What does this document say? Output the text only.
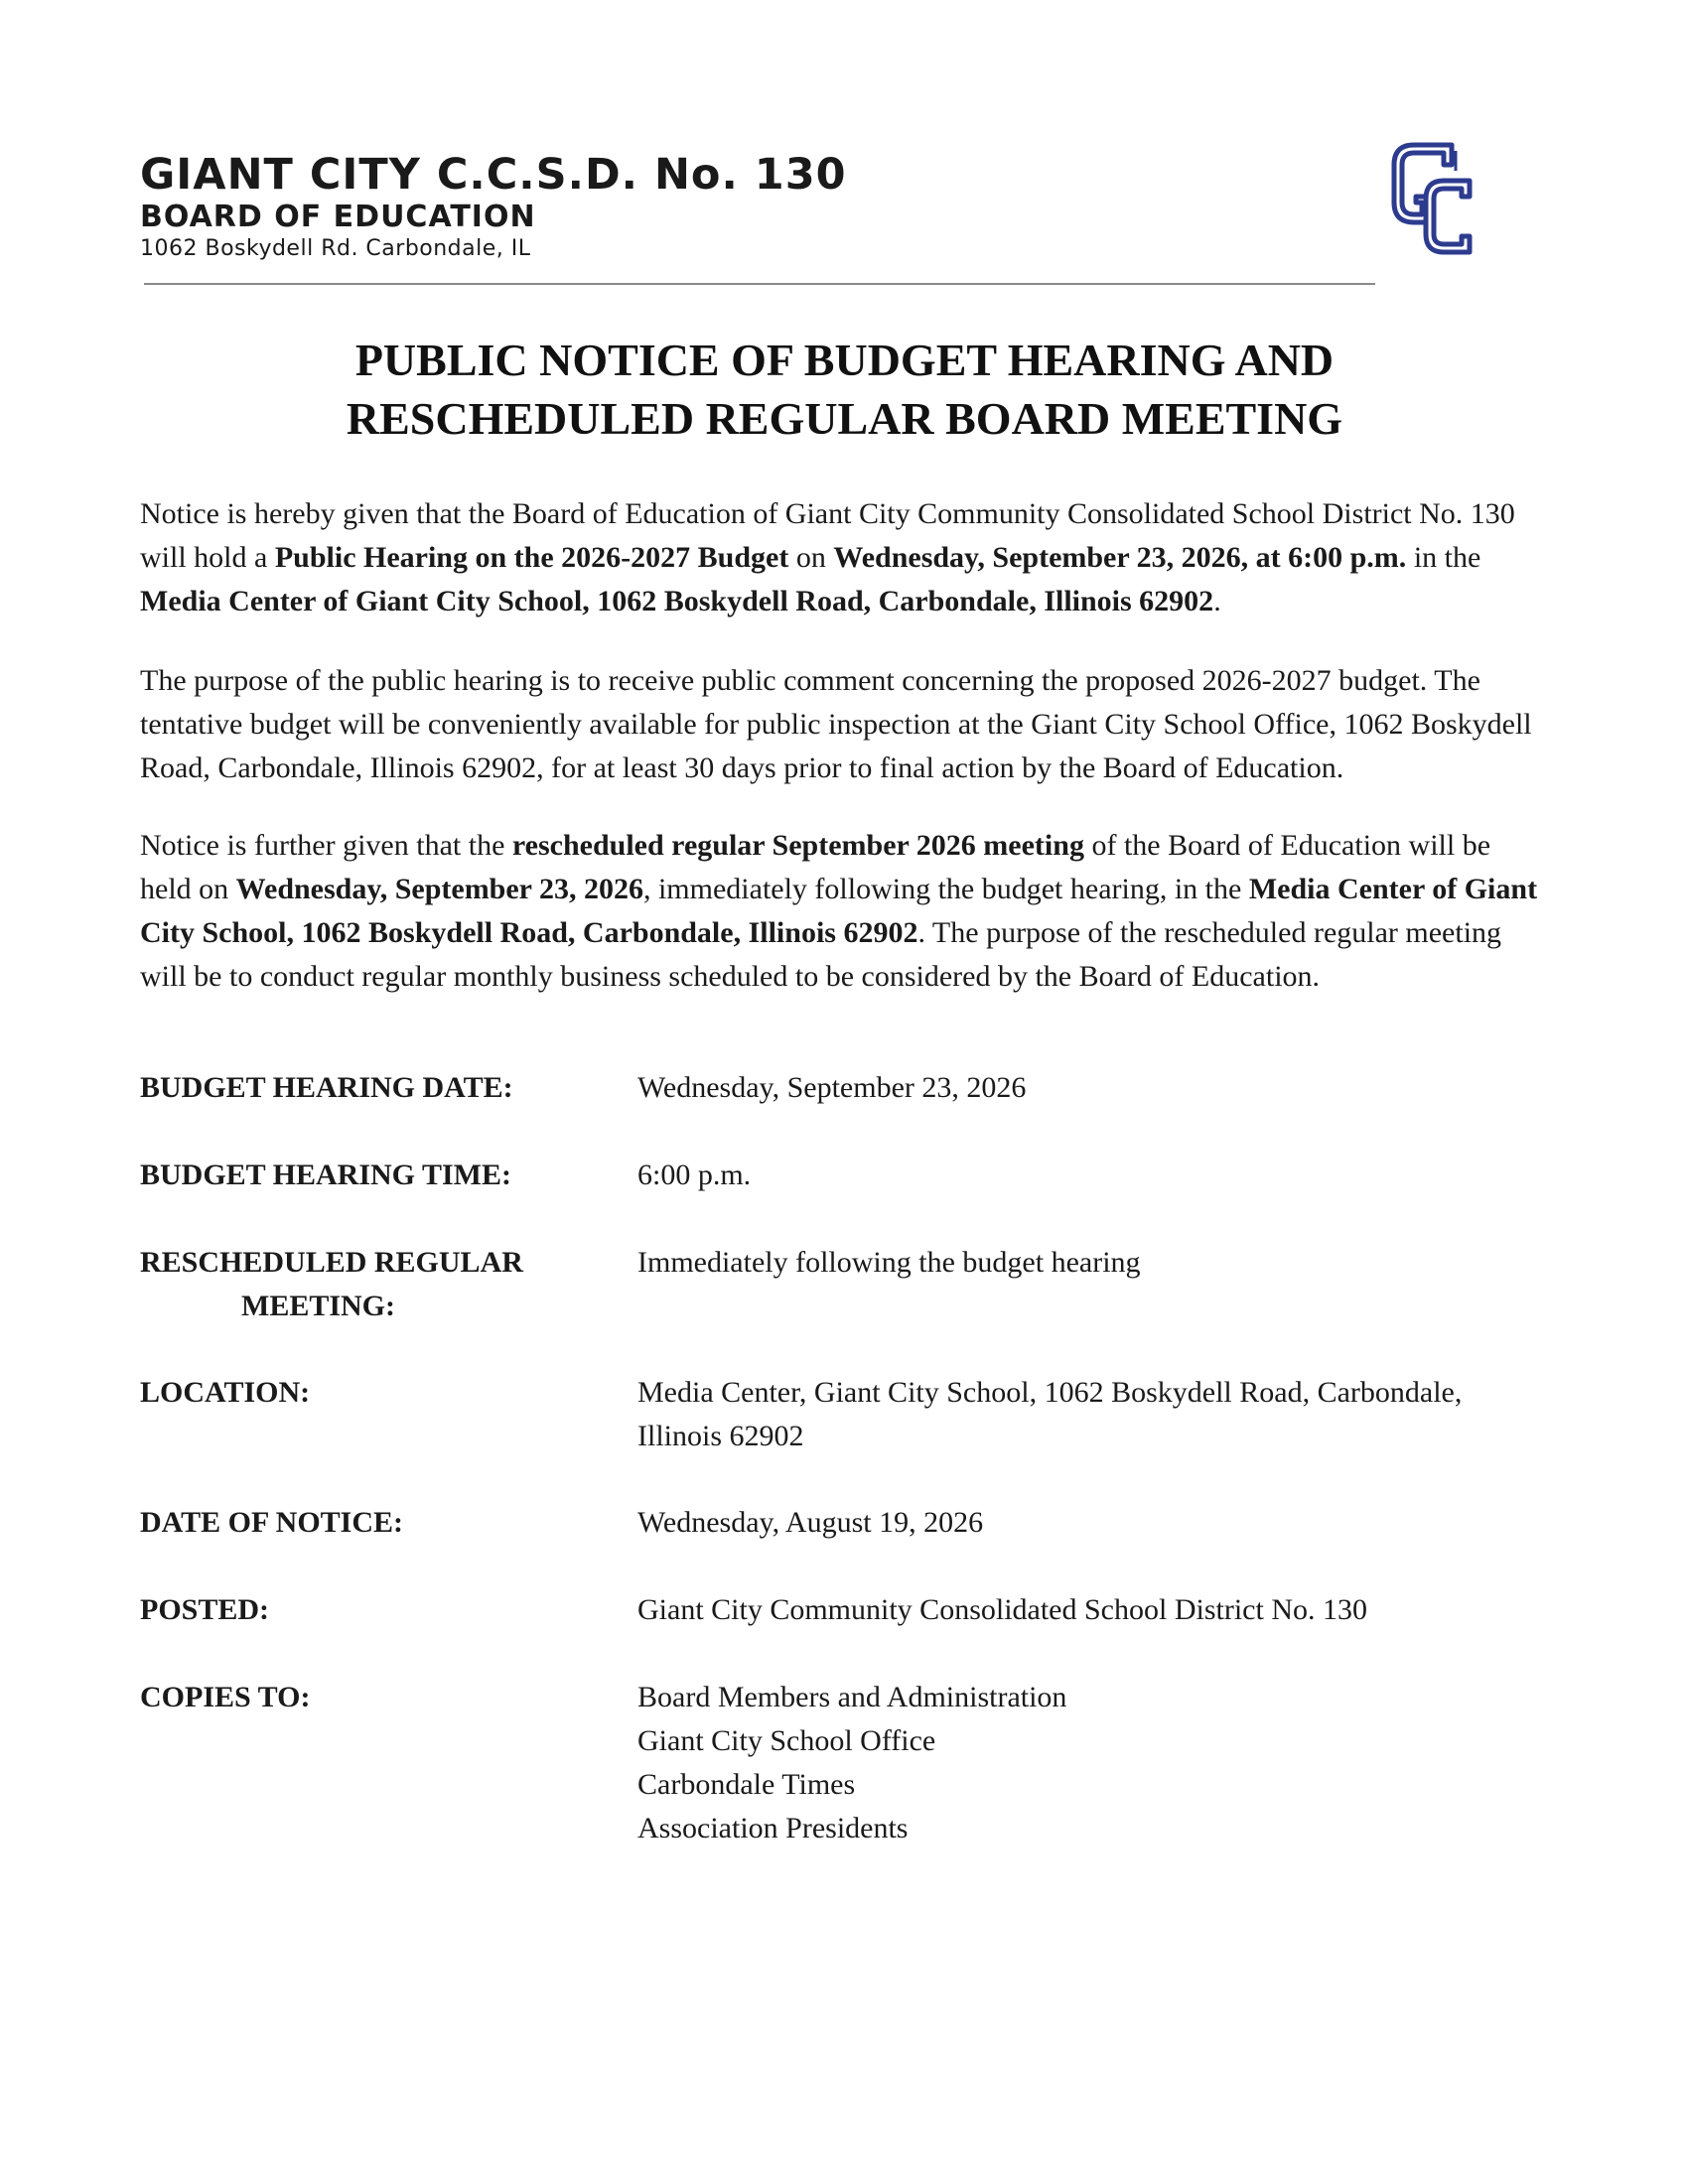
GIANT CITY C.C.S.D. No. 130

BOARD OF EDUCATION

1062 Boskydell Rd. Carbondale, IL

GC
PUBLIC NOTICE OF BUDGET HEARING AND
RESCHEDULED REGULAR BOARD MEETING

Notice is hereby given that the Board of Education of Giant City Community Consolidated School District No. 130 will hold a Public Hearing on the 2026-2027 Budget on Wednesday, September 23, 2026, at 6:00 p.m. in the Media Center of Giant City School, 1062 Boskydell Road, Carbondale, Illinois 62902.

The purpose of the public hearing is to receive public comment concerning the proposed 2026-2027 budget. The tentative budget will be conveniently available for public inspection at the Giant City School Office, 1062 Boskydell Road, Carbondale, Illinois 62902, for at least 30 days prior to final action by the Board of Education.

Notice is further given that the rescheduled regular September 2026 meeting of the Board of Education will be held on Wednesday, September 23, 2026, immediately following the budget hearing, in the Media Center of Giant City School, 1062 Boskydell Road, Carbondale, Illinois 62902. The purpose of the rescheduled regular meeting will be to conduct regular monthly business scheduled to be considered by the Board of Education.

BUDGET HEARING DATE:	Wednesday, September 23, 2026
BUDGET HEARING TIME:	6:00 p.m.
RESCHEDULED REGULAR
MEETING:
Immediately following the budget hearing
LOCATION:	Media Center, Giant City School, 1062 Boskydell Road, Carbondale, Illinois 62902
DATE OF NOTICE:	Wednesday, August 19, 2026
POSTED:	Giant City Community Consolidated School District No. 130
COPIES TO:	Board Members and Administration
Giant City School Office
Carbondale Times
Association Presidents
